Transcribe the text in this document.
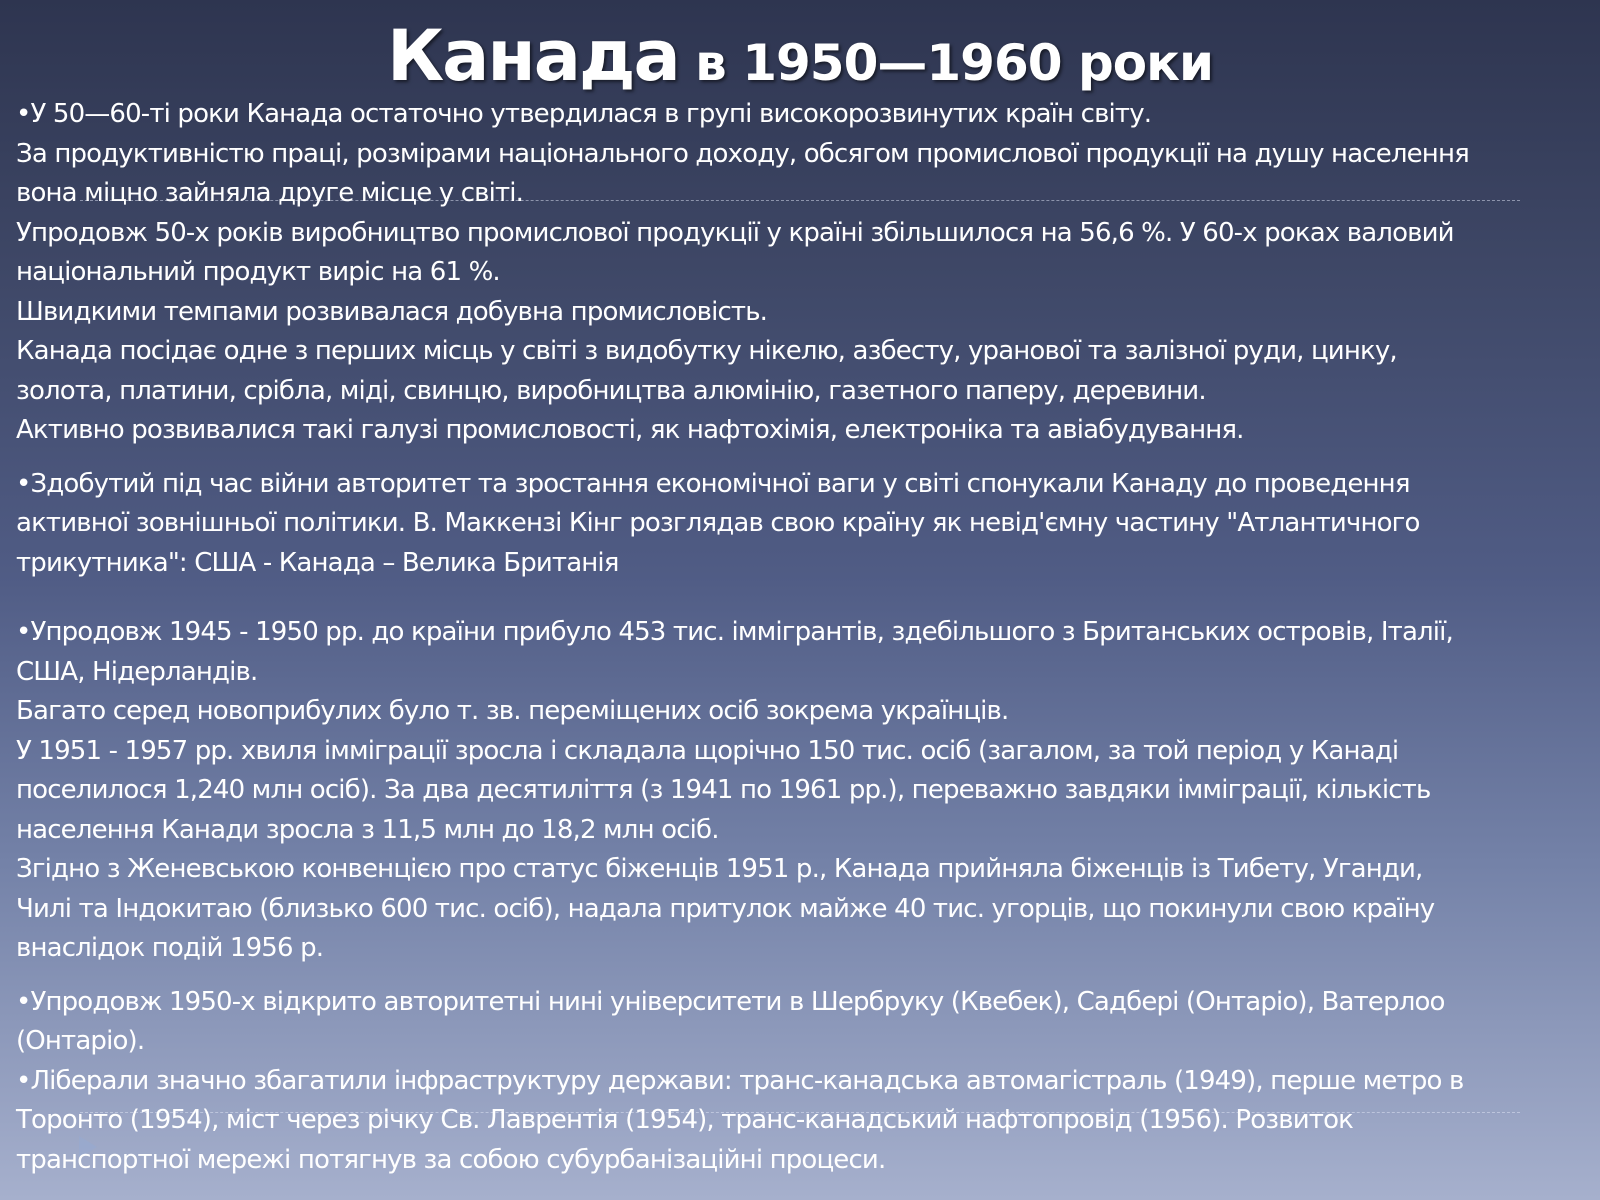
Канада в 1950—1960 роки
•У 50—60-ті роки Канада остаточно утвердилася в групі високорозвинутих країн світу.
За продуктивністю праці, розмірами національного доходу, обсягом промислової продукції на душу населення
вона міцно зайняла друге місце у світі.
Упродовж 50-х років виробництво промислової продукції у країні збільшилося на 56,6 %. У 60-х роках валовий
національний продукт виріс на 61 %.
Швидкими темпами розвивалася добувна промисловість.
Канада посідає одне з перших місць у світі з видобутку нікелю, азбесту, уранової та залізної руди, цинку,
золота, платини, срібла, міді, свинцю, виробництва алюмінію, газетного паперу, деревини.
Активно розвивалися такі галузі промисловості, як нафтохімія, електроніка та авіабудування.
•Здобутий під час війни авторитет та зростання економічної ваги у світі спонукали Канаду до проведення
активної зовнішньої політики. В. Маккензі Кінг розглядав свою країну як невід'ємну частину "Атлантичного
трикутника": США - Канада – Велика Британія
•Упродовж 1945 - 1950 рр. до країни прибуло 453 тис. іммігрантів, здебільшого з Британських островів, Італії,
США, Нідерландів.
Багато серед новоприбулих було т. зв. переміщених осіб зокрема українців.
У 1951 - 1957 рр. хвиля імміграції зросла і складала щорічно 150 тис. осіб (загалом, за той період у Канаді
поселилося 1,240 млн осіб). За два десятиліття (з 1941 по 1961 рр.), переважно завдяки імміграції, кількість
населення Канади зросла з 11,5 млн до 18,2 млн осіб.
Згідно з Женевською конвенцією про статус біженців 1951 р., Канада прийняла біженців із Тибету, Уганди,
Чилі та Індокитаю (близько 600 тис. осіб), надала притулок майже 40 тис. угорців, що покинули свою країну
внаслідок подій 1956 р.
•Упродовж 1950-х відкрито авторитетні нині університети в Шербруку (Квебек), Садбері (Онтаріо), Ватерлоо
(Онтаріо).
•Ліберали значно збагатили інфраструктуру держави: транс-канадська автомагістраль (1949), перше метро в
Торонто (1954), міст через річку Св. Лаврентія (1954), транс-канадський нафтопровід (1956). Розвиток
транспортної мережі потягнув за собою субурбанізаційні процеси.
